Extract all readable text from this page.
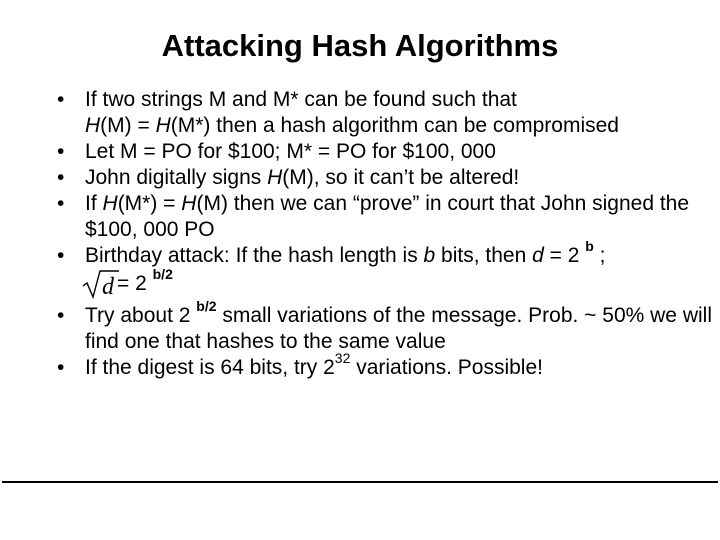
Attacking Hash Algorithms
• If two strings M and M* can be found such that
H(M) = H(M*) then a hash algorithm can be compromised
• Let M = PO for $100; M* = PO for $100, 000
• John digitally signs H(M), so it can’t be altered!
• If H(M*) = H(M) then we can “prove” in court that John signed the $100, 000 PO
• Birthday attack: If the hash length is b bits, then d = 2 $^b$ ;
d = 2 $^{b/2}$
• Try about 2 $^{b/2}$ small variations of the message. Prob. ~ 50% we will find one that hashes to the same value
• If the digest is 64 bits, try $2^{32}$ variations. Possible!
